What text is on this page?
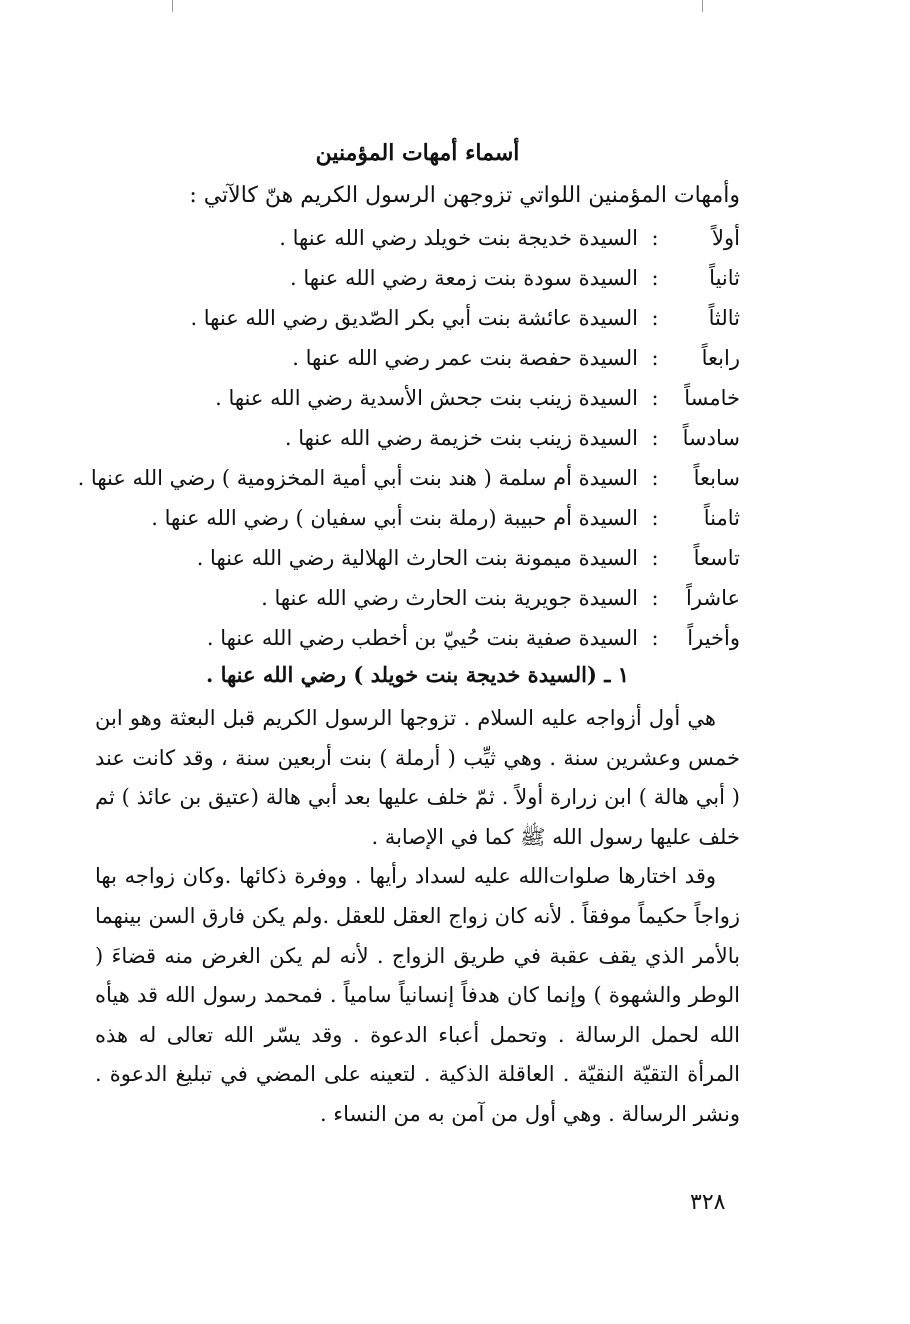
أسماء أمهات المؤمنين

وأمهات المؤمنين اللواتي تزوجهن الرسول الكريم هنّ كالآتي :

أولاً
:
السيدة خديجة بنت خويلد رضي الله عنها .
ثانياً
:
السيدة سودة بنت زمعة رضي الله عنها .
ثالثاً
:
السيدة عائشة بنت أبي بكر الصّديق رضي الله عنها .
رابعاً
:
السيدة حفصة بنت عمر رضي الله عنها .
خامساً
:
السيدة زينب بنت جحش الأسدية رضي الله عنها .
سادساً
:
السيدة زينب بنت خزيمة رضي الله عنها .
سابعاً
:
السيدة أم سلمة ( هند بنت أبي أمية المخزومية ) رضي الله عنها .
ثامناً
:
السيدة أم حبيبة (رملة بنت أبي سفيان ) رضي الله عنها .
تاسعاً
:
السيدة ميمونة بنت الحارث الهلالية رضي الله عنها .
عاشراً
:
السيدة جويرية بنت الحارث رضي الله عنها .
وأخيراً
:
السيدة صفية بنت حُييّ بن أخطب رضي الله عنها .
١ ـ (السيدة خديجة بنت خويلد ) رضي الله عنها .

هي أول أزواجه عليه السلام . تزوجها الرسول الكريم قبل البعثة وهو ابن خمس وعشرين سنة . وهي ثيِّب ( أرملة ) بنت أربعين سنة ، وقد كانت عند ( أبي هالة ) ابن زرارة أولاً . ثمّ خلف عليها بعد أبي هالة (عتيق بن عائذ ) ثم خلف عليها رسول الله ﷺ كما في الإصابة .

وقد اختارها صلوات‌الله عليه لسداد رأيها . ووفرة ذكائها .وكان زواجه بها زواجاً حكيماً موفقاً . لأنه كان زواج العقل للعقل .ولم يكن فارق السن بينهما بالأمر الذي يقف عقبة في طريق الزواج . لأنه لم يكن الغرض منه قضاءَ ( الوطر والشهوة ) وإنما كان هدفاً إنسانياً سامياً . فمحمد رسول الله قد هيأه الله لحمل الرسالة . وتحمل أعباء الدعوة . وقد يسّر الله تعالى له هذه المرأة التقيّة النقيّة . العاقلة الذكية . لتعينه على المضي في تبليغ الدعوة . ونشر الرسالة . وهي أول من آمن به من النساء .

٣٢٨
